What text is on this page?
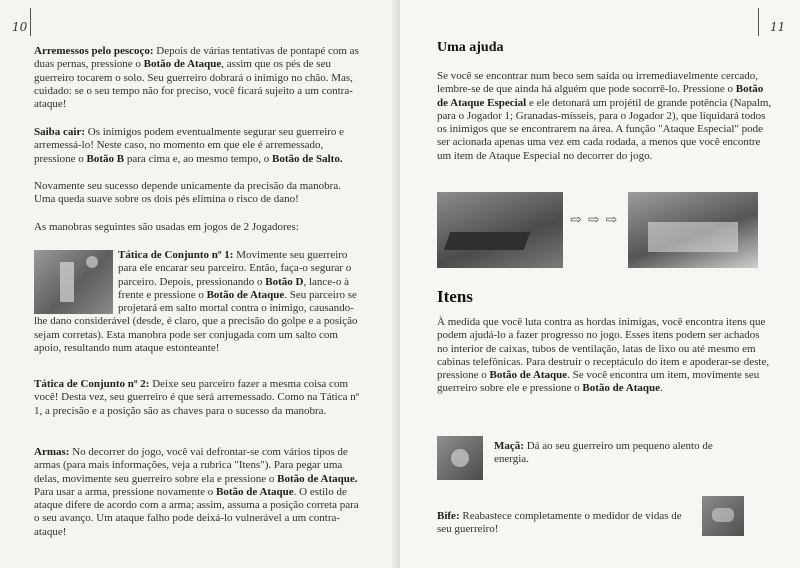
10

Arremessos pelo pescoço: Depois de várias tentativas de pontapé com as duas pernas, pressione o Botão de Ataque, assim que os pés de seu guerreiro tocarem o solo. Seu guerreiro dobrará o inimigo no chão. Mas, cuidado: se o seu tempo não for preciso, você ficará sujeito a um contra-ataque!

Saiba cair: Os inimigos podem eventualmente segurar seu guerreiro e arremessá-lo! Neste caso, no momento em que ele é arremessado, pressione o Botão B para cima e, ao mesmo tempo, o Botão de Salto.

Novamente seu sucesso depende unicamente da precisão da manobra. Uma queda suave sobre os dois pés elimina o risco de dano!

As manobras seguintes são usadas em jogos de 2 Jogadores:

Tática de Conjunto nº 1: Movimente seu guerreiro para ele encarar seu parceiro. Então, faça-o segurar o parceiro. Depois, pressionando o Botão D, lance-o à frente e pressione o Botão de Ataque. Seu parceiro se projetará em salto mortal contra o inimigo, causando-lhe dano considerável (desde, é claro, que a precisão do golpe e a posição sejam corretas). Esta manobra pode ser conjugada com um salto com apoio, resultando num ataque estonteante!

Tática de Conjunto nº 2: Deixe seu parceiro fazer a mesma coisa com você! Desta vez, seu guerreiro é que será arremessado. Como na Tática nº 1, a precisão e a posição são as chaves para o sucesso da manobra.

Armas: No decorrer do jogo, você vai defrontar-se com vários tipos de armas (para mais informações, veja a rubrica "Itens"). Para pegar uma delas, movimente seu guerreiro sobre ela e pressione o Botão de Ataque. Para usar a arma, pressione novamente o Botão de Ataque. O estilo de ataque difere de acordo com a arma; assim, assuma a posição correta para o seu avanço. Um ataque falho pode deixá-lo vulnerável a um contra-ataque!

11
Uma ajuda

Se você se encontrar num beco sem saída ou irremediavelmente cercado, lembre-se de que ainda há alguém que pode socorrê-lo. Pressione o Botão de Ataque Especial e ele detonará um projétil de grande potência (Napalm, para o Jogador 1; Granadas-mísseis, para o Jogador 2), que liquidará todos os inimigos que se encontrarem na área. A função "Ataque Especial" pode ser acionada apenas uma vez em cada rodada, a menos que você encontre um item de Ataque Especial no decorrer do jogo.

⇨⇨⇨
Itens

À medida que você luta contra as hordas inimigas, você encontra itens que podem ajudá-lo a fazer progresso no jogo. Esses itens podem ser achados no interior de caixas, tubos de ventilação, latas de lixo ou até mesmo em cabinas telefônicas. Para destruir o receptáculo do item e apoderar-se deste, pressione o Botão de Ataque. Se você encontra um item, movimente seu guerreiro sobre ele e pressione o Botão de Ataque.

Maçã: Dá ao seu guerreiro um pequeno alento de energia.

Bife: Reabastece completamente o medidor de vidas de seu guerreiro!
